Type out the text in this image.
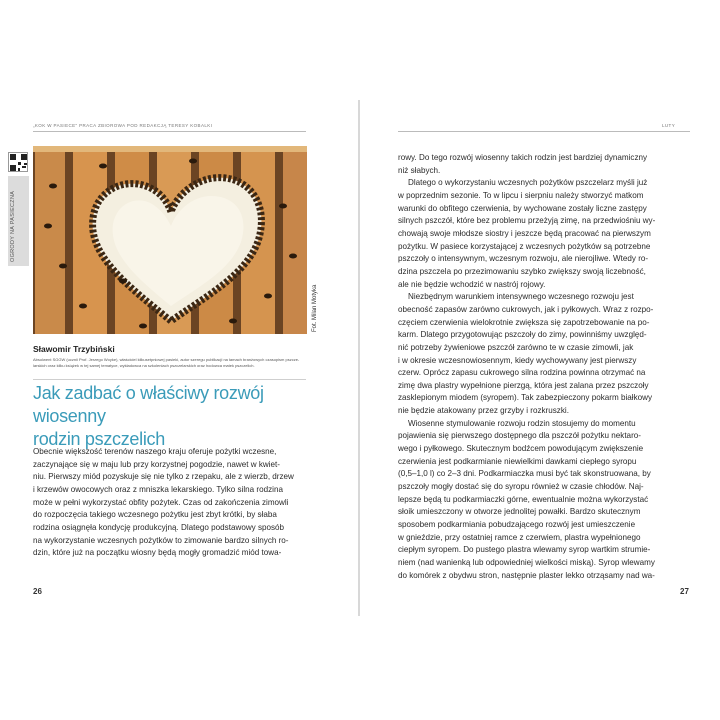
„KOK W PASIECE” PRACA ZBIOROWA POD REDAKCJĄ TERESY KOBALKI
OGRODY NA PASIECZNA
Fot. Milan Motyka
Sławomir Trzybiński
Absolwent SGGW (ucznii Prof. Jerzego Woyke), właściciel kilkusetpniowej pasieki, autor szeregu publikacji na łamach branżowych czasopism pszcze-
larskich oraz kilku książek w tej samej tematyce, wykładowca na szkoleniach pszczelarskich oraz hodowca matek pszczelich.
Jak zadbać o właściwy rozwój wiosenny
rodzin pszczelich
Obecnie większość terenów naszego kraju oferuje pożytki wczesne,
zaczynające się w maju lub przy korzystnej pogodzie, nawet w kwiet-
niu. Pierwszy miód pozyskuje się nie tylko z rzepaku, ale z wierzb, drzew
i krzewów owocowych oraz z mniszka lekarskiego. Tylko silna rodzina
może w pełni wykorzystać obfity pożytek. Czas od zakończenia zimowli
do rozpoczęcia takiego wczesnego pożytku jest zbyt krótki, by słaba
rodzina osiągnęła kondycję produkcyjną. Dlatego podstawowy sposób
na wykorzystanie wczesnych pożytków to zimowanie bardzo silnych ro-
dzin, które już na początku wiosny będą mogły gromadzić miód towa-
26
LUTY
rowy. Do tego rozwój wiosenny takich rodzin jest bardziej dynamiczny
niż słabych.
Dlatego o wykorzystaniu wczesnych pożytków pszczelarz myśli już
w poprzednim sezonie. To w lipcu i sierpniu należy stworzyć matkom
warunki do obfitego czerwienia, by wychowane zostały liczne zastępy
silnych pszczół, które bez problemu przeżyją zimę, na przedwiośniu wy-
chowają swoje młodsze siostry i jeszcze będą pracować na pierwszym
pożytku. W pasiece korzystającej z wczesnych pożytków są potrzebne
pszczoły o intensywnym, wczesnym rozwoju, ale nierojliwe. Wtedy ro-
dzina pszczela po przezimowaniu szybko zwiększy swoją liczebność,
ale nie będzie wchodzić w nastrój rojowy.
Niezbędnym warunkiem intensywnego wczesnego rozwoju jest
obecność zapasów zarówno cukrowych, jak i pyłkowych. Wraz z rozpo-
częciem czerwienia wielokrotnie zwiększa się zapotrzebowanie na po-
karm. Dlatego przygotowując pszczoły do zimy, powinniśmy uwzględ-
nić potrzeby żywieniowe pszczół zarówno te w czasie zimowli, jak
i w okresie wczesnowiosennym, kiedy wychowywany jest pierwszy
czerw. Oprócz zapasu cukrowego silna rodzina powinna otrzymać na
zimę dwa plastry wypełnione pierzgą, która jest zalana przez pszczoły
zasklepionym miodem (syropem). Tak zabezpieczony pokarm białkowy
nie będzie atakowany przez grzyby i rozkruszki.
Wiosenne stymulowanie rozwoju rodzin stosujemy do momentu
pojawienia się pierwszego dostępnego dla pszczół pożytku nektaro-
wego i pyłkowego. Skutecznym bodźcem powodującym zwiększenie
czerwienia jest podkarmianie niewielkimi dawkami ciepłego syropu
(0,5–1,0 l) co 2–3 dni. Podkarmiaczka musi być tak skonstruowana, by
pszczoły mogły dostać się do syropu również w czasie chłodów. Naj-
lepsze będą tu podkarmiaczki górne, ewentualnie można wykorzystać
słoik umieszczony w otworze jednolitej powałki. Bardzo skutecznym
sposobem podkarmiania pobudzającego rozwój jest umieszczenie
w gnieździe, przy ostatniej ramce z czerwiem, plastra wypełnionego
ciepłym syropem. Do pustego plastra wlewamy syrop wartkim strumie-
niem (nad wanienką lub odpowiedniej wielkości miską). Syrop wlewamy
do komórek z obydwu stron, następnie plaster lekko otrząsamy nad wa-
27
